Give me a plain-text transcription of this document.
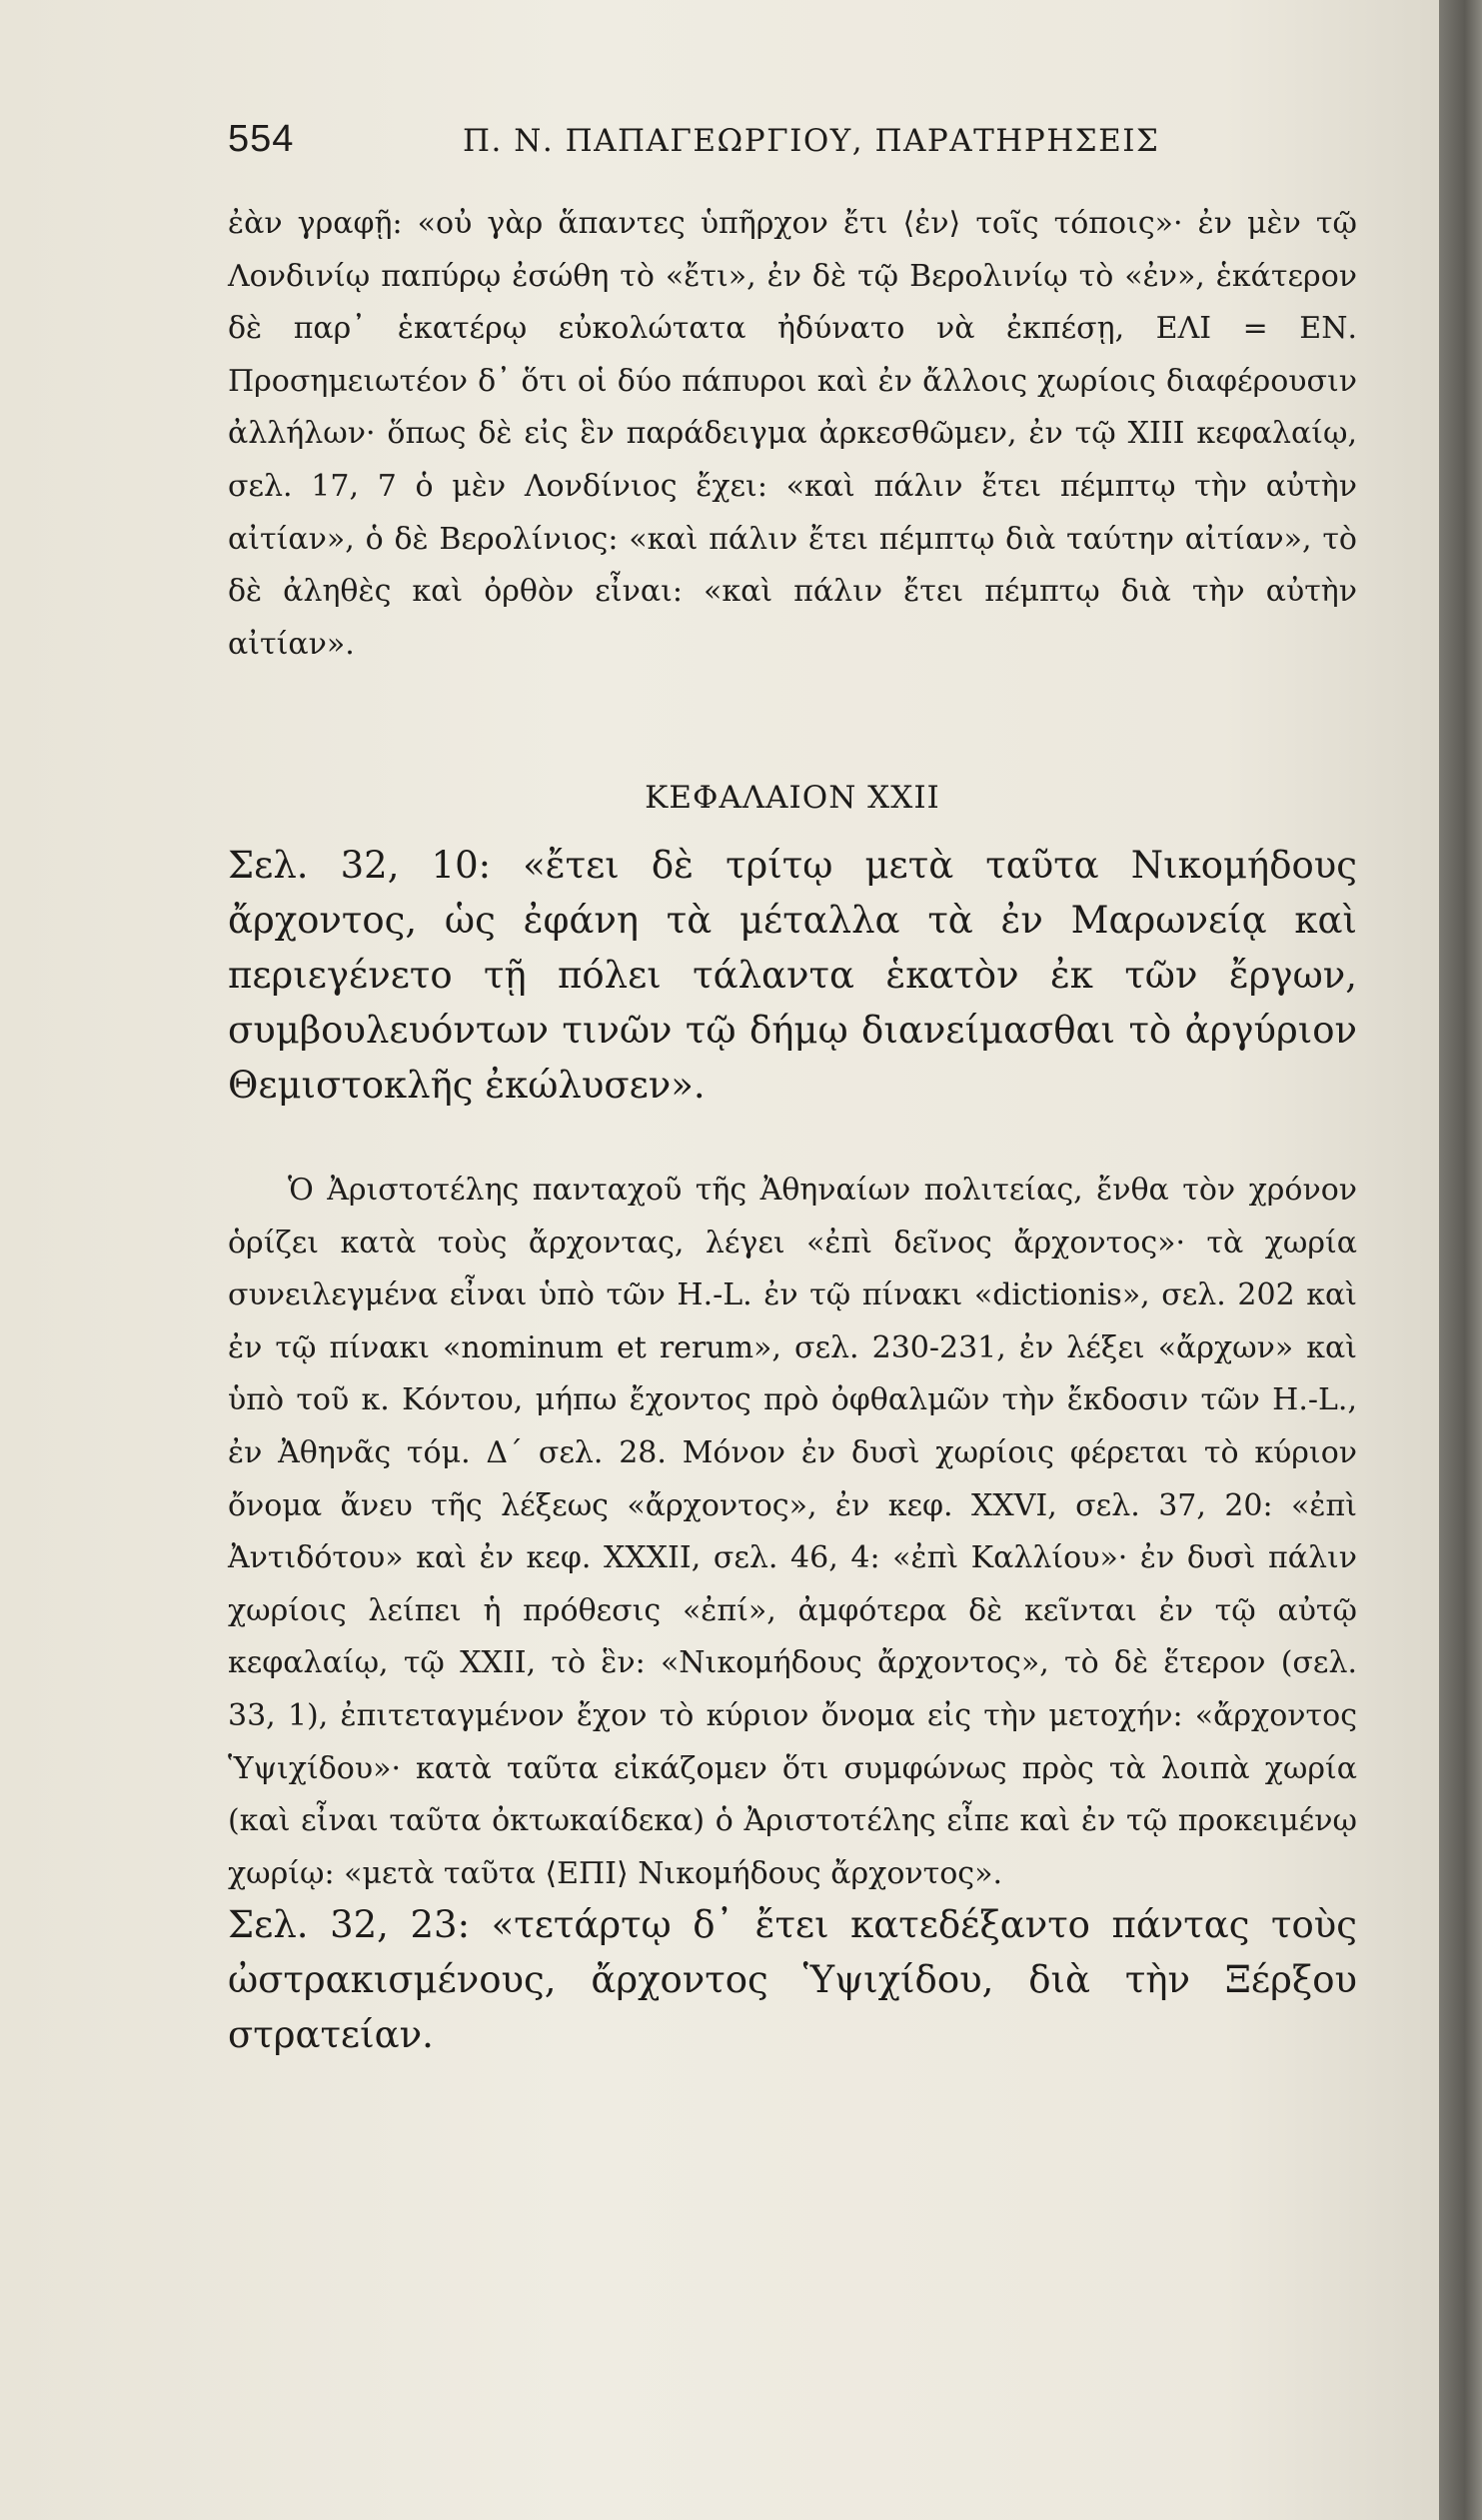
554	Π. Ν. ΠΑΠΑΓΕΩΡΓΙΟΥ, ΠΑΡΑΤΗΡΗΣΕΙΣ

ἐὰν γραφῇ: «οὐ γὰρ ἅπαντες ὑπῆρχον ἔτι ⟨ἐν⟩ τοῖς τόποις»· ἐν μὲν τῷ Λονδινίῳ παπύρῳ ἐσώθη τὸ «ἔτι», ἐν δὲ τῷ Βερολινίῳ τὸ «ἐν», ἑκάτερον δὲ παρ᾽ ἑκατέρῳ εὐκολώτατα ἠδύνατο νὰ ἐκπέσῃ, ΕΛΙ = ΕΝ. Προσημειωτέον δ᾽ ὅτι οἱ δύο πάπυροι καὶ ἐν ἄλλοις χωρίοις διαφέρουσιν ἀλλήλων· ὅπως δὲ εἰς ἓν παράδειγμα ἀρκεσθῶμεν, ἐν τῷ XIII κεφαλαίῳ, σελ. 17, 7 ὁ μὲν Λονδίνιος ἔχει: «καὶ πάλιν ἔτει πέμπτῳ τὴν αὐτὴν αἰτίαν», ὁ δὲ Βερολίνιος: «καὶ πάλιν ἔτει πέμπτῳ διὰ ταύτην αἰτίαν», τὸ δὲ ἀληθὲς καὶ ὀρθὸν εἶναι: «καὶ πάλιν ἔτει πέμπτῳ διὰ τὴν αὐτὴν αἰτίαν».

ΚΕΦΑΛΑΙΟΝ XXII

Σελ. 32, 10: «ἔτει δὲ τρίτῳ μετὰ ταῦτα Νικομήδους ἄρχοντος, ὡς ἐφάνη τὰ μέταλλα τὰ ἐν Μαρωνείᾳ καὶ περιεγένετο τῇ πόλει τάλαντα ἑκατὸν ἐκ τῶν ἔργων, συμβουλευόντων τινῶν τῷ δήμῳ διανείμασθαι τὸ ἀργύριον Θεμιστοκλῆς ἐκώλυσεν».

Ὁ Ἀριστοτέλης πανταχοῦ τῆς Ἀθηναίων πολιτείας, ἔνθα τὸν χρόνον ὁρίζει κατὰ τοὺς ἄρχοντας, λέγει «ἐπὶ δεῖνος ἄρχοντος»· τὰ χωρία συνειλεγμένα εἶναι ὑπὸ τῶν H.-L. ἐν τῷ πίνακι «dictionis», σελ. 202 καὶ ἐν τῷ πίνακι «nominum et rerum», σελ. 230-231, ἐν λέξει «ἄρχων» καὶ ὑπὸ τοῦ κ. Κόντου, μήπω ἔχοντος πρὸ ὀφθαλμῶν τὴν ἔκδοσιν τῶν H.-L., ἐν Ἀθηνᾶς τόμ. Δ΄ σελ. 28. Μόνον ἐν δυσὶ χωρίοις φέρεται τὸ κύριον ὄνομα ἄνευ τῆς λέξεως «ἄρχοντος», ἐν κεφ. XXVI, σελ. 37, 20: «ἐπὶ Ἀντιδότου» καὶ ἐν κεφ. XXXII, σελ. 46, 4: «ἐπὶ Καλλίου»· ἐν δυσὶ πάλιν χωρίοις λείπει ἡ πρόθεσις «ἐπί», ἀμφότερα δὲ κεῖνται ἐν τῷ αὐτῷ κεφαλαίῳ, τῷ XXII, τὸ ἓν: «Νικομήδους ἄρχοντος», τὸ δὲ ἕτερον (σελ. 33, 1), ἐπιτεταγμένον ἔχον τὸ κύριον ὄνομα εἰς τὴν μετοχήν: «ἄρχοντος Ὑψιχίδου»· κατὰ ταῦτα εἰκάζομεν ὅτι συμφώνως πρὸς τὰ λοιπὰ χωρία (καὶ εἶναι ταῦτα ὀκτωκαίδεκα) ὁ Ἀριστοτέλης εἶπε καὶ ἐν τῷ προκειμένῳ χωρίῳ: «μετὰ ταῦτα ⟨ΕΠΙ⟩ Νικομήδους ἄρχοντος».

Σελ. 32, 23: «τετάρτῳ δ᾽ ἔτει κατεδέξαντο πάντας τοὺς ὠστρακισμένους, ἄρχοντος Ὑψιχίδου, διὰ τὴν Ξέρξου στρατείαν.
